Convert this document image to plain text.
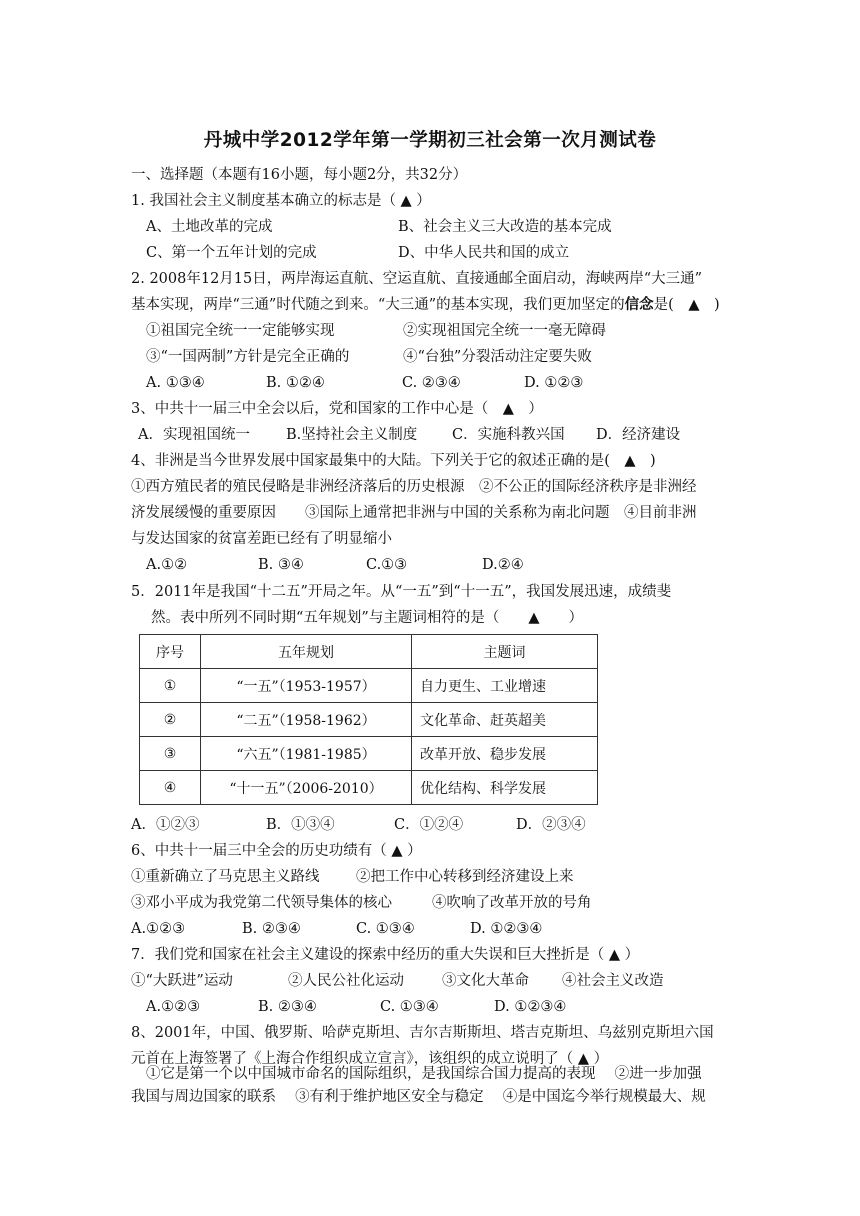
丹城中学2012学年第一学期初三社会第一次月测试卷
一、选择题（本题有16小题，每小题2分，共32分）
1. 我国社会主义制度基本确立的标志是（ ▲ ）
A、土地改革的完成	B、社会主义三大改造的基本完成
C、第一个五年计划的完成	D、中华人民共和国的成立
2. 2008年12月15日，两岸海运直航、空运直航、直接通邮全面启动，海峡两岸“大三通”
基本实现，两岸“三通”时代随之到来。“大三通”的基本实现，我们更加坚定的信念是(　▲　)
①祖国完全统一一定能够实现	②实现祖国完全统一一毫无障碍
③“一国两制”方针是完全正确的	④“台独”分裂活动注定要失败
A. ①③④	B. ①②④	C. ②③④	D. ①②③
3、中共十一届三中全会以后，党和国家的工作中心是（　▲　）
A．实现祖国统一 B.坚持社会主义制度 C．实施科教兴国 D．经济建设
4、非洲是当今世界发展中国家最集中的大陆。下列关于它的叙述正确的是(　▲　)
①西方殖民者的殖民侵略是非洲经济落后的历史根源　②不公正的国际经济秩序是非洲经
济发展缓慢的重要原因　　③国际上通常把非洲与中国的关系称为南北问题　④目前非洲
与发达国家的贫富差距已经有了明显缩小
A.①②	B. ③④	C.①③	D.②④
5．2011年是我国“十二五”开局之年。从“一五”到“十一五”，我国发展迅速，成绩斐
然。表中所列不同时期“五年规划”与主题词相符的是（　　▲　　）
序号	五年规划	主题词
①	“一五”（1953-1957）	自力更生、工业增速
②	“二五”（1958-1962）	文化革命、赶英超美
③	“六五”（1981-1985）	改革开放、稳步发展
④	“十一五”（2006-2010）	优化结构、科学发展
A．①②③	B．①③④	C．①②④	D．②③④
6、中共十一届三中全会的历史功绩有（ ▲ ）
①重新确立了马克思主义路线	②把工作中心转移到经济建设上来
③邓小平成为我党第二代领导集体的核心	④吹响了改革开放的号角
A.①②③	B. ②③④	C. ①③④	D. ①②③④
7．我们党和国家在社会主义建设的探索中经历的重大失误和巨大挫折是（ ▲ ）
①“大跃进”运动	②人民公社化运动	③文化大革命 ④社会主义改造
A.①②③	B. ②③④	C. ①③④	D. ①②③④
8、2001年，中国、俄罗斯、哈萨克斯坦、吉尔吉斯斯坦、塔吉克斯坦、乌兹别克斯坦六国
元首在上海签署了《上海合作组织成立宣言》，该组织的成立说明了（ ▲ ）
①它是第一个以中国城市命名的国际组织，是我国综合国力提高的表现　 ②进一步加强
我国与周边国家的联系　 ③有利于维护地区安全与稳定　 ④是中国迄今举行规模最大、规
